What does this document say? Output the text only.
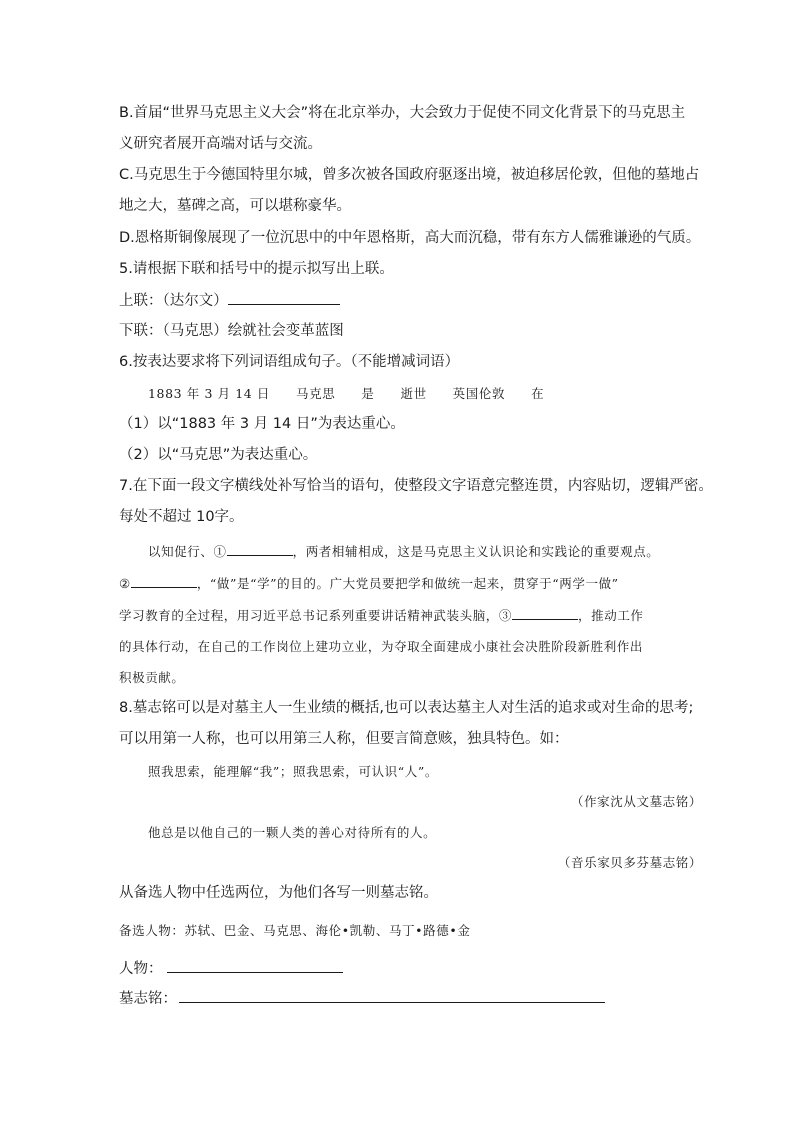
B.首届“世界马克思主义大会”将在北京举办，大会致力于促使不同文化背景下的马克思主
义研究者展开高端对话与交流。
C.马克思生于今德国特里尔城，曾多次被各国政府驱逐出境，被迫移居伦敦，但他的墓地占
地之大，墓碑之高，可以堪称豪华。
D.恩格斯铜像展现了一位沉思中的中年恩格斯，高大而沉稳，带有东方人儒雅谦逊的气质。
5.请根据下联和括号中的提示拟写出上联。
上联：（达尔文）
下联：（马克思）绘就社会变革蓝图
6.按表达要求将下列词语组成句子。（不能增减词语）
1883 年 3 月 14 日 马克思 是 逝世 英国伦敦 在
（1）以“1883 年 3 月 14 日”为表达重心。
（2）以“马克思”为表达重心。
7.在下面一段文字横线处补写恰当的语句，使整段文字语意完整连贯，内容贴切，逻辑严密。
每处不超过 10字。
以知促行、①	，两者相辅相成，这是马克思主义认识论和实践论的重要观点。
②	，“做”是“学”的目的。广大党员要把学和做统一起来，贯穿于“两学一做”
学习教育的全过程，用习近平总书记系列重要讲话精神武装头脑，③	，推动工作
的具体行动，在自己的工作岗位上建功立业，为夺取全面建成小康社会决胜阶段新胜利作出
积极贡献。
8.墓志铭可以是对墓主人一生业绩的概括,也可以表达墓主人对生活的追求或对生命的思考;
可以用第一人称，也可以用第三人称，但要言简意赅，独具特色。如：
照我思索，能理解“我”；照我思索，可认识“人”。
（作家沈从文墓志铭）
他总是以他自己的一颗人类的善心对待所有的人。
（音乐家贝多芬墓志铭）
从备选人物中任选两位，为他们各写一则墓志铭。
备选人物：苏轼、巴金、马克思、海伦•凯勒、马丁•路德•金
人物：
墓志铭：
